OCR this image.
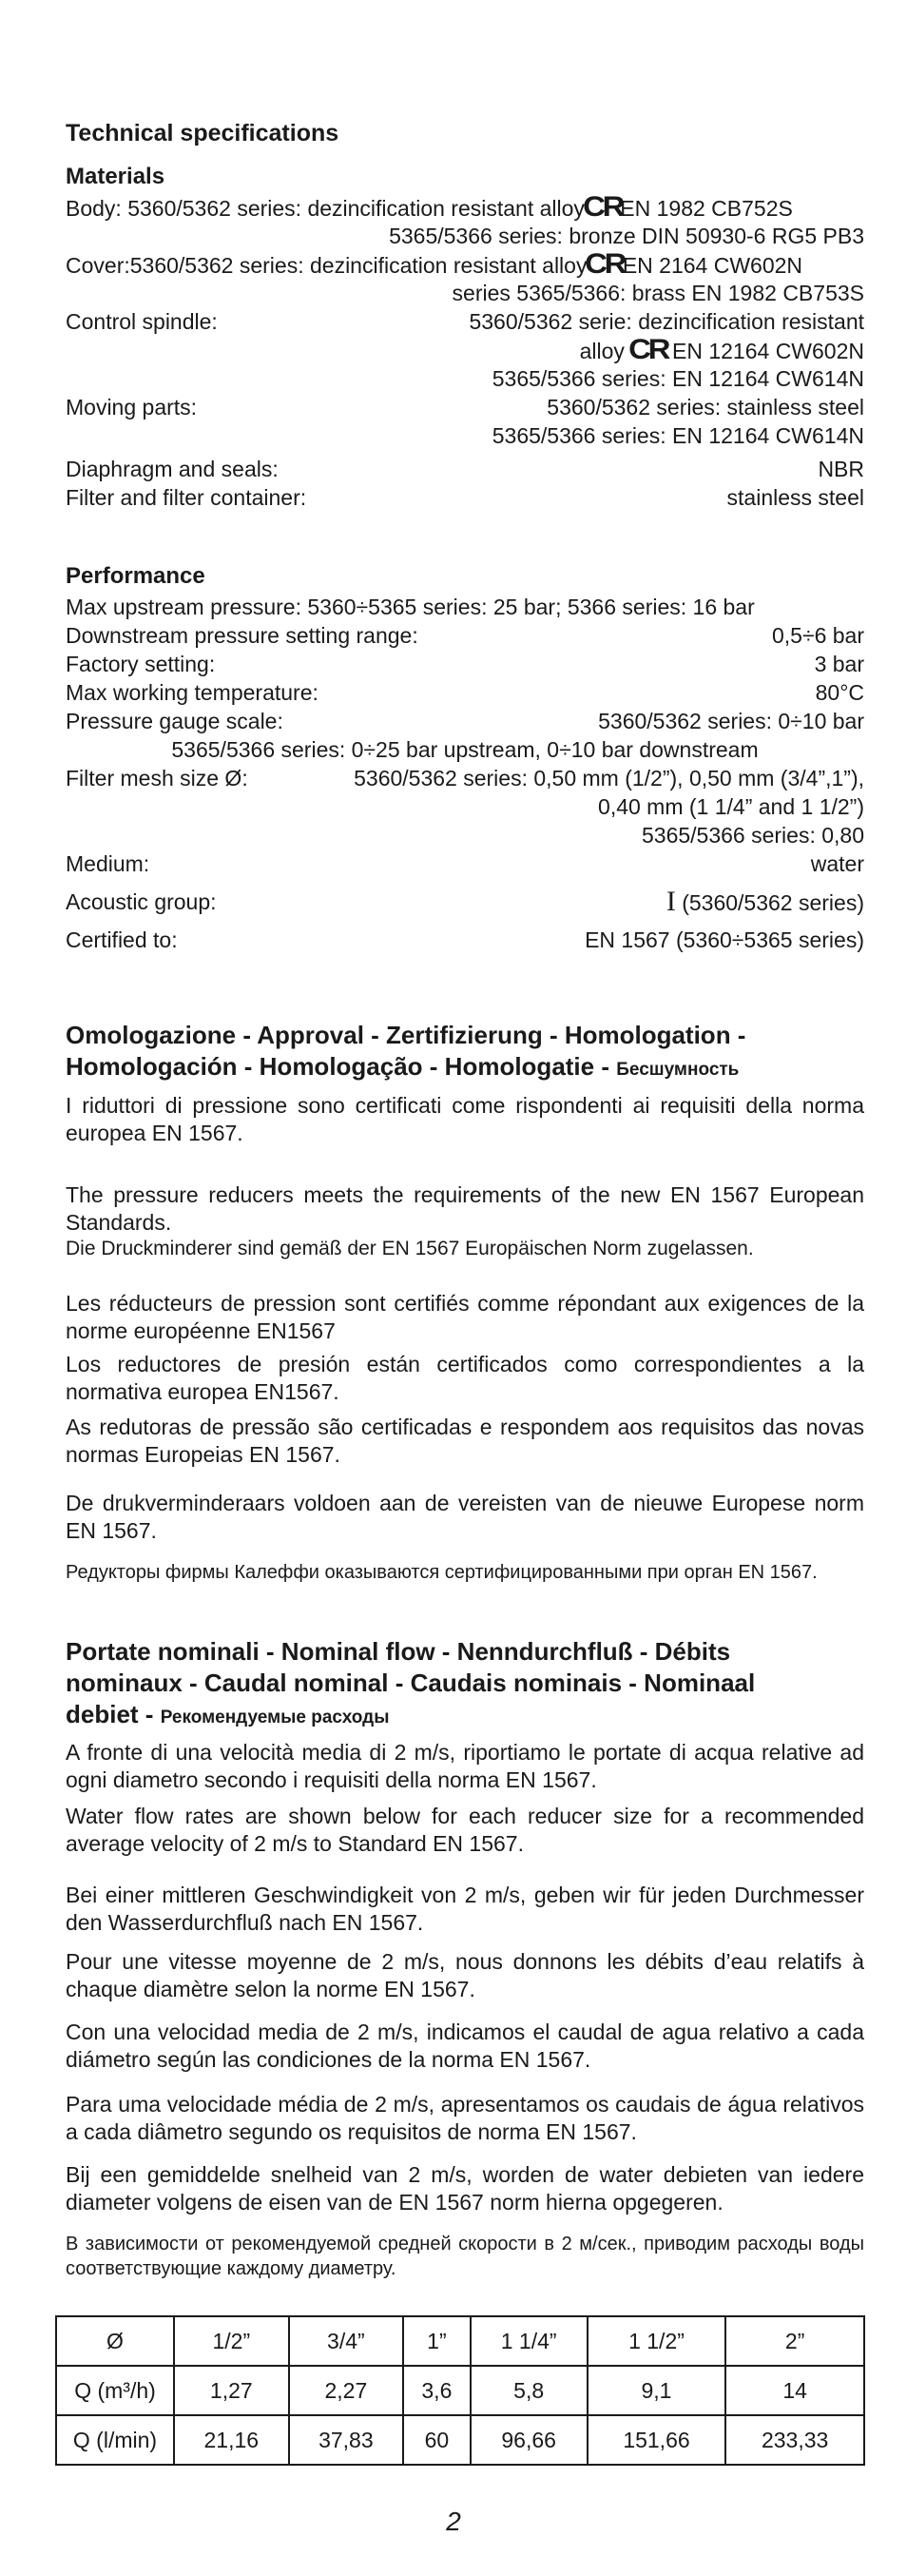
Technical specifications
Materials
Body: 5360/5362 series: dezincification resistant alloyCREN 1982 CB752S
5365/5366 series: bronze DIN 50930-6 RG5 PB3
Cover:5360/5362 series: dezincification resistant alloyCREN 2164 CW602N
series 5365/5366: brass EN 1982 CB753S
Control spindle:	5360/5362 serie: dezincification resistant
alloy CR EN 12164 CW602N
5365/5366 series: EN 12164 CW614N
Moving parts:	5360/5362 series: stainless steel
5365/5366 series: EN 12164 CW614N
Diaphragm and seals:	NBR
Filter and filter container:	stainless steel
Performance
Max upstream pressure: 5360÷5365 series: 25 bar; 5366 series: 16 bar
Downstream pressure setting range:	0,5÷6 bar
Factory setting:	3 bar
Max working temperature:	80°C
Pressure gauge scale:	5360/5362 series: 0÷10 bar
5365/5366 series: 0÷25 bar upstream, 0÷10 bar downstream
Filter mesh size Ø:	5360/5362 series: 0,50 mm (1/2”), 0,50 mm (3/4”,1”),
0,40 mm (1 1/4” and 1 1/2”)
5365/5366 series: 0,80
Medium:	water
Acoustic group:	I (5360/5362 series)
Certified to:	EN 1567 (5360÷5365 series)
Omologazione - Approval - Zertifizierung - Homologation -
Homologación - Homologação - Homologatie - Бесшумность
I riduttori di pressione sono certificati come rispondenti ai requisiti della norma europea EN 1567.
The pressure reducers meets the requirements of the new EN 1567 European Standards.
Die Druckminderer sind gemäß der EN 1567 Europäischen Norm zugelassen.
Les réducteurs de pression sont certifiés comme répondant aux exigences de la norme européenne EN1567
Los reductores de presión están certificados como correspondientes a la normativa europea EN1567.
As redutoras de pressão são certificadas e respondem aos requisitos das novas normas Europeias EN 1567.
De drukverminderaars voldoen aan de vereisten van de nieuwe Europese norm EN 1567.
Редукторы фирмы Калеффи оказываются сертифицированными при орган EN 1567.
Portate nominali - Nominal flow - Nenndurchfluß - Débits
nominaux - Caudal nominal - Caudais nominais - Nominaal
debiet - Рекомендуемые расходы
A fronte di una velocità media di 2 m/s, riportiamo le portate di acqua relative ad ogni diametro secondo i requisiti della norma EN 1567.
Water flow rates are shown below for each reducer size for a recommended average velocity of 2 m/s to Standard EN 1567.
Bei einer mittleren Geschwindigkeit von 2 m/s, geben wir für jeden Durchmesser den Wasserdurchfluß nach EN 1567.
Pour une vitesse moyenne de 2 m/s, nous donnons les débits d’eau relatifs à chaque diamètre selon la norme EN 1567.
Con una velocidad media de 2 m/s, indicamos el caudal de agua relativo a cada diámetro según las condiciones de la norma EN 1567.
Para uma velocidade média de 2 m/s, apresentamos os caudais de água relativos a cada diâmetro segundo os requisitos de norma EN 1567.
Bij een gemiddelde snelheid van 2 m/s, worden de water debieten van iedere diameter volgens de eisen van de EN 1567 norm hierna opgegeren.
В зависимости от рекомендуемой средней скорости в 2 м/сек., приводим расходы воды соответствующие каждому диаметру.
Ø	1/2”	3/4”	1”	1 1/4”	1 1/2”	2”
Q (m³/h)	1,27	2,27	3,6	5,8	9,1	14
Q (l/min)	21,16	37,83	60	96,66	151,66	233,33
2
